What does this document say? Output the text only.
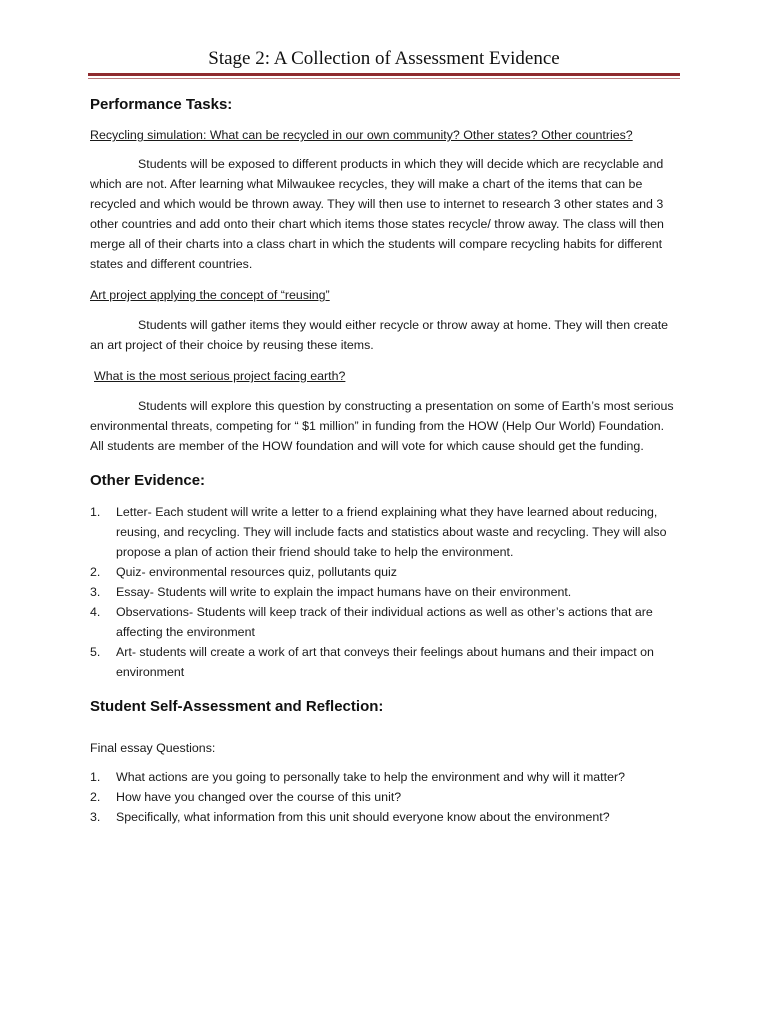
Stage 2: A Collection of Assessment Evidence
Performance Tasks:

Recycling simulation: What can be recycled in our own community? Other states? Other countries?

Students will be exposed to different products in which they will decide which are recyclable and which are not. After learning what Milwaukee recycles, they will make a chart of the items that can be recycled and which would be thrown away. They will then use to internet to research 3 other states and 3 other countries and add onto their chart which items those states recycle/ throw away. The class will then merge all of their charts into a class chart in which the students will compare recycling habits for different states and different countries.

Art project applying the concept of “reusing”

Students will gather items they would either recycle or throw away at home. They will then create an art project of their choice by reusing these items.

What is the most serious project facing earth?

Students will explore this question by constructing a presentation on some of Earth’s most serious environmental threats, competing for “ $1 million” in funding from the HOW (Help Our World) Foundation. All students are member of the HOW foundation and will vote for which cause should get the funding.

Other Evidence:
1. Letter- Each student will write a letter to a friend explaining what they have learned about reducing, reusing, and recycling. They will include facts and statistics about waste and recycling. They will also propose a plan of action their friend should take to help the environment.
2. Quiz- environmental resources quiz, pollutants quiz
3. Essay- Students will write to explain the impact humans have on their environment.
4. Observations- Students will keep track of their individual actions as well as other’s actions that are affecting the environment
5. Art- students will create a work of art that conveys their feelings about humans and their impact on environment
Student Self-Assessment and Reflection:

Final essay Questions:

1. What actions are you going to personally take to help the environment and why will it matter?
2. How have you changed over the course of this unit?
3. Specifically, what information from this unit should everyone know about the environment?
